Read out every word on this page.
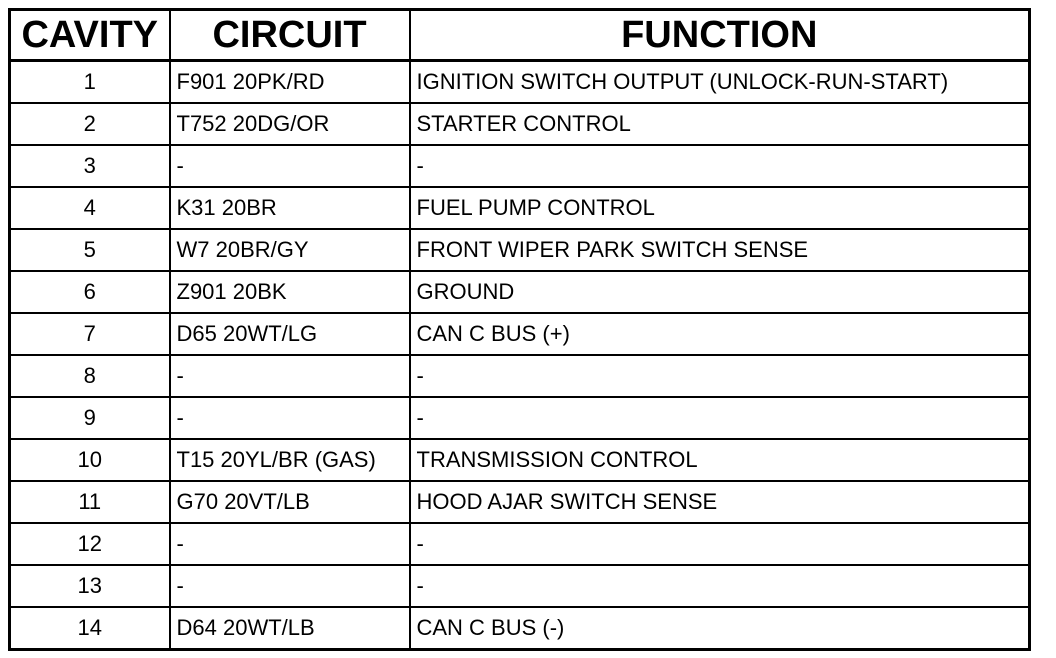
CAVITY	CIRCUIT	FUNCTION
1	F901 20PK/RD	IGNITION SWITCH OUTPUT (UNLOCK-RUN-START)
2	T752 20DG/OR	STARTER CONTROL
3	-	-
4	K31 20BR	FUEL PUMP CONTROL
5	W7 20BR/GY	FRONT WIPER PARK SWITCH SENSE
6	Z901 20BK	GROUND
7	D65 20WT/LG	CAN C BUS (+)
8	-	-
9	-	-
10	T15 20YL/BR (GAS)	TRANSMISSION CONTROL
11	G70 20VT/LB	HOOD AJAR SWITCH SENSE
12	-	-
13	-	-
14	D64 20WT/LB	CAN C BUS (-)
